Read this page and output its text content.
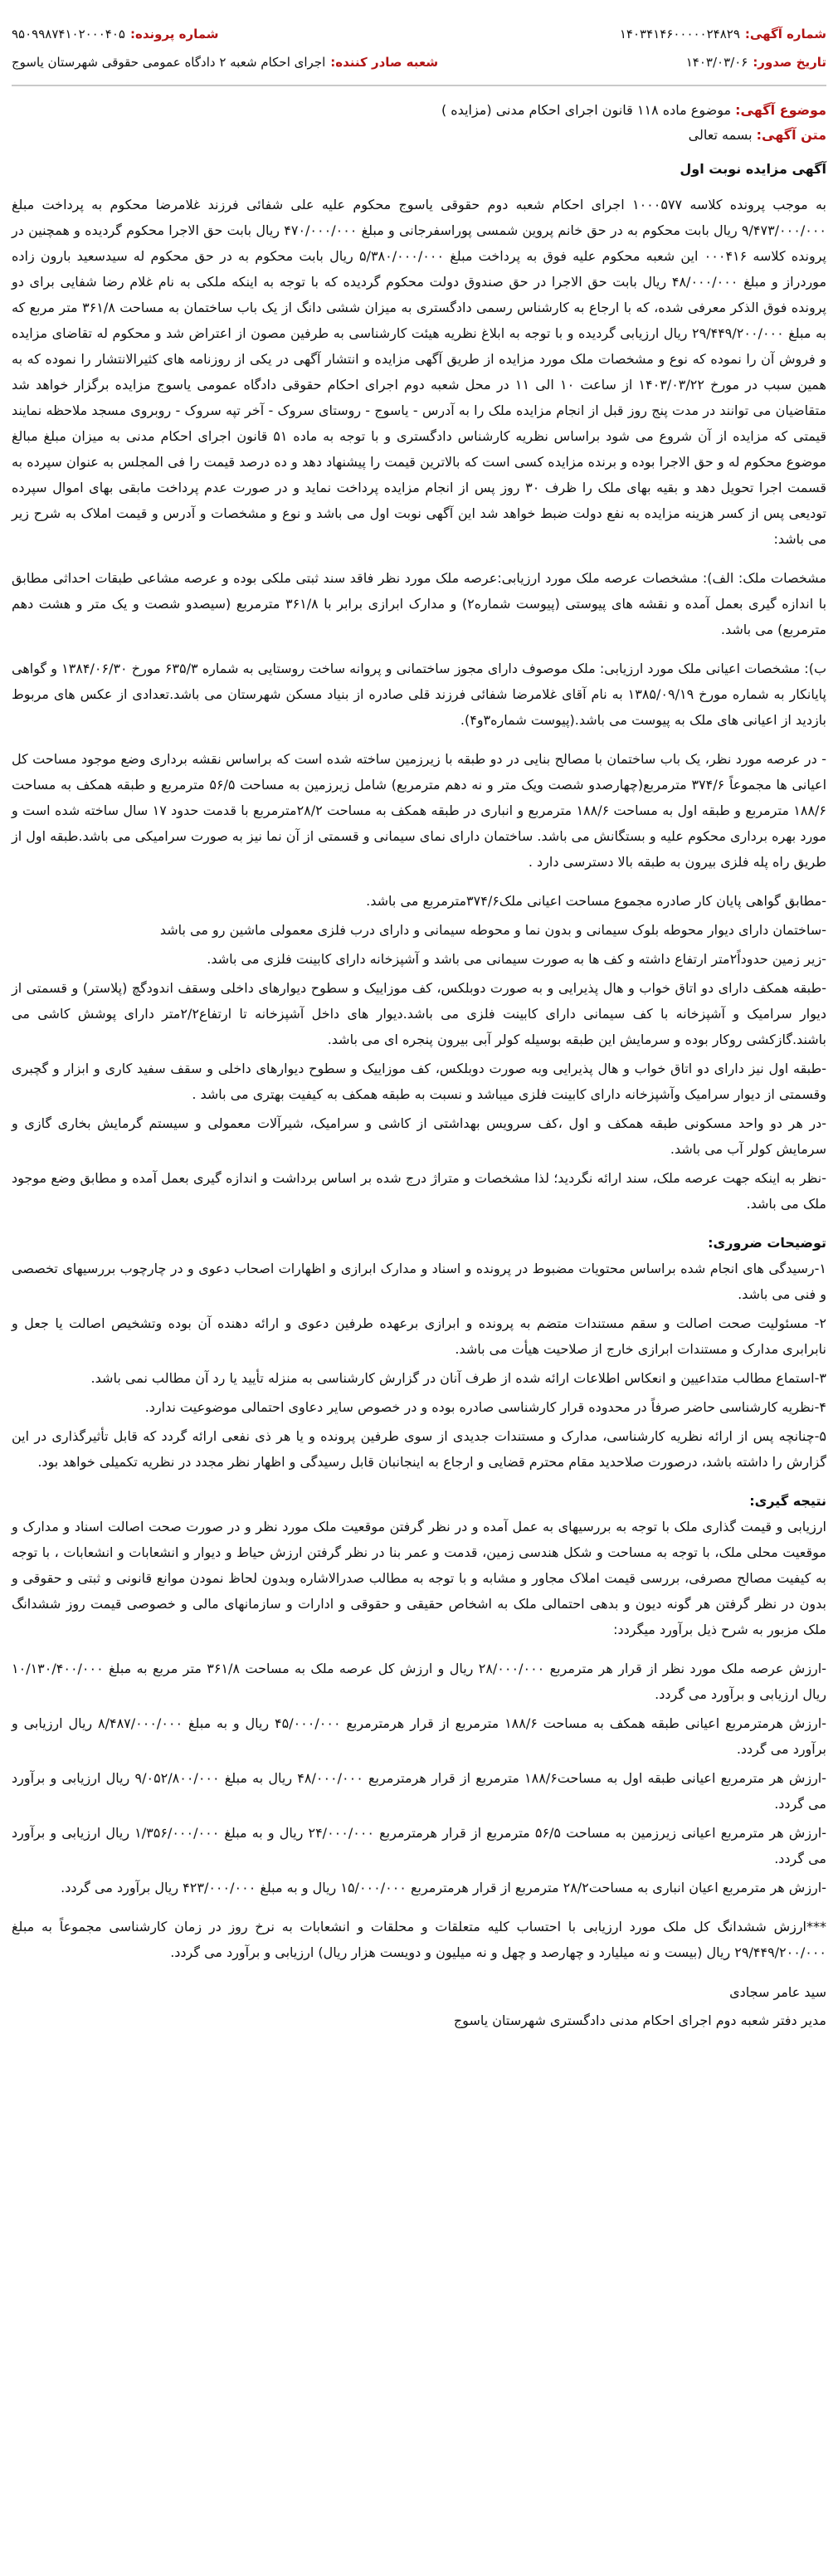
شماره آگهی:
۱۴۰۳۴۱۴۶۰۰۰۰۰۲۴۸۲۹
شماره پرونده:
۹۵۰۹۹۸۷۴۱۰۲۰۰۰۴۰۵
تاریخ صدور:
۱۴۰۳/۰۳/۰۶
شعبه صادر کننده:
اجرای احکام شعبه ۲ دادگاه عمومی حقوقی شهرستان یاسوج
موضوع آگهی: موضوع ماده ۱۱۸ قانون اجرای احکام مدنی (مزایده )
متن آگهی: بسمه تعالی
آگهی مزایده نوبت اول

به موجب پرونده کلاسه ۱۰۰۰۵۷۷ اجرای احکام شعبه دوم حقوقی یاسوج محکوم علیه علی شفائی فرزند غلامرضا محکوم به پرداخت مبلغ ۹/۴۷۳/۰۰۰/۰۰۰ ریال بابت محکوم به در حق خانم پروین شمسی پوراسفرجانی و مبلغ ۴۷۰/۰۰۰/۰۰۰ ریال بابت حق الاجرا محکوم گردیده و همچنین در پرونده کلاسه ۰۰۰۴۱۶ این شعبه محکوم علیه فوق به پرداخت مبلغ ۵/۳۸۰/۰۰۰/۰۰۰ ریال بابت محکوم به در حق محکوم له سیدسعید بارون زاده موردراز و مبلغ ۴۸/۰۰۰/۰۰۰ ریال بابت حق الاجرا در حق صندوق دولت محکوم گردیده که با توجه به اینکه ملکی به نام غلام رضا شفایی برای دو پرونده فوق الذکر معرفی شده، که با ارجاع به کارشناس رسمی دادگستری به میزان ششی دانگ از یک باب ساختمان به مساحت ۳۶۱/۸ متر مربع که به مبلغ ۲۹/۴۴۹/۲۰۰/۰۰۰ ریال ارزیابی گردیده و با توجه به ابلاغ نظریه هیئت کارشناسی به طرفین مصون از اعتراض شد و محکوم له تقاضای مزایده و فروش آن را نموده که نوع و مشخصات ملک مورد مزایده از طریق آگهی مزایده و انتشار آگهی در یکی از روزنامه های کثیرالانتشار را نموده که به همین سبب در مورخ ۱۴۰۳/۰۳/۲۲ از ساعت ۱۰ الی ۱۱ در محل شعبه دوم اجرای احکام حقوقی دادگاه عمومی یاسوج مزایده برگزار خواهد شد متقاضیان می توانند در مدت پنج روز قبل از انجام مزایده ملک را به آدرس - یاسوج - روستای سروک - آخر تپه سروک - روبروی مسجد ملاحظه نمایند قیمتی که مزایده از آن شروع می شود براساس نظریه کارشناس دادگستری و با توجه به ماده ۵۱ قانون اجرای احکام مدنی به میزان مبلغ مبالغ موضوع محکوم له و حق الاجرا بوده و برنده مزایده کسی است که بالاترین قیمت را پیشنهاد دهد و ده درصد قیمت را فی المجلس به عنوان سپرده به قسمت اجرا تحویل دهد و بقیه بهای ملک را ظرف ۳۰ روز پس از انجام مزایده پرداخت نماید و در صورت عدم پرداخت مابقی بهای اموال سپرده تودیعی پس از کسر هزینه مزایده به نفع دولت ضبط خواهد شد این آگهی نوبت اول می باشد و نوع و مشخصات و آدرس و قیمت املاک به شرح زیر می باشد:

مشخصات ملک: الف): مشخصات عرصه ملک مورد ارزیابی:عرصه ملک مورد نظر فاقد سند ثبتی ملکی بوده و عرصه مشاعی طبقات احداثی مطابق با اندازه گیری بعمل آمده و نقشه های پیوستی (پیوست شماره۲) و مدارک ابرازی برابر با ۳۶۱/۸ مترمربع (سیصدو شصت و یک متر و هشت دهم مترمربع) می باشد.

ب): مشخصات اعیانی ملک مورد ارزیابی: ملک موصوف دارای مجوز ساختمانی و پروانه ساخت روستایی به شماره ۶۳۵/۳ مورخ ۱۳۸۴/۰۶/۳۰ و گواهی پایانکار به شماره مورخ ۱۳۸۵/۰۹/۱۹ به نام آقای غلامرضا شفائی فرزند قلی صادره از بنیاد مسکن شهرستان می باشد.تعدادی از عکس های مربوط بازدید از اعیانی های ملک به پیوست می باشد.(پیوست شماره۳و۴).

- در عرصه مورد نظر، یک باب ساختمان با مصالح بنایی در دو طبقه با زیرزمین ساخته شده است که براساس نقشه برداری وضع موجود مساحت کل اعیانی ها مجموعاً ۳۷۴/۶ مترمربع(چهارصدو شصت ویک متر و نه دهم مترمربع) شامل زیرزمین به مساحت ۵۶/۵ مترمربع و طبقه همکف به مساحت ۱۸۸/۶ مترمربع و طبقه اول به مساحت ۱۸۸/۶ مترمربع و انباری در طبقه همکف به مساحت ۲۸/۲مترمربع با قدمت حدود ۱۷ سال ساخته شده است و مورد بهره برداری محکوم علیه و بستگانش می باشد. ساختمان دارای نمای سیمانی و قسمتی از آن نما نیز به صورت سرامیکی می باشد.طبقه اول از طریق راه پله فلزی بیرون به طبقه بالا دسترسی دارد .

-مطابق گواهی پایان کار صادره مجموع مساحت اعیانی ملک۳۷۴/۶مترمربع می باشد.

-ساختمان دارای دیوار محوطه بلوک سیمانی و بدون نما و محوطه سیمانی و دارای درب فلزی معمولی ماشین رو می باشد

-زیر زمین حدوداً۲متر ارتفاع داشته و کف ها به صورت سیمانی می باشد و آشپزخانه دارای کابینت فلزی می باشد.

-طبقه همکف دارای دو اتاق خواب و هال پذیرایی و به صورت دوبلکس، کف موزاییک و سطوح دیوارهای داخلی وسقف اندودگچ (پلاستر) و قسمتی از دیوار سرامیک و آشپزخانه با کف سیمانی دارای کابینت فلزی می باشد.دیوار های داخل آشپزخانه تا ارتفاع۲/۲متر دارای پوشش کاشی می باشند.گازکشی روکار بوده و سرمایش این طبقه بوسیله کولر آبی بیرون پنجره ای می باشد.

-طبقه اول نیز دارای دو اتاق خواب و هال پذیرایی وبه صورت دوبلکس، کف موزاییک و سطوح دیوارهای داخلی و سقف سفید کاری و ابزار و گچبری وقسمتی از دیوار سرامیک وآشپزخانه دارای کابینت فلزی میباشد و نسبت به طبقه همکف به کیفیت بهتری می باشد .

-در هر دو واحد مسکونی طبقه همکف و اول ،کف سرویس بهداشتی از کاشی و سرامیک، شیرآلات معمولی و سیستم گرمایش بخاری گازی و سرمایش کولر آب می باشد.

-نظر به اینکه جهت عرصه ملک، سند ارائه نگردید؛ لذا مشخصات و متراژ درج شده بر اساس برداشت و اندازه گیری بعمل آمده و مطابق وضع موجود ملک می باشد.

توضیحات ضروری:

۱-رسیدگی های انجام شده براساس محتویات مضبوط در پرونده و اسناد و مدارک ابرازی و اظهارات اصحاب دعوی و در چارچوب بررسیهای تخصصی و فنی می باشد.

۲- مسئولیت صحت اصالت و سقم مستندات متضم به پرونده و ابرازی برعهده طرفین دعوی و ارائه دهنده آن بوده وتشخیص اصالت یا جعل و نابرابری مدارک و مستندات ابرازی خارج از صلاحیت هیأت می باشد.

۳-استماع مطالب متداعیین و انعکاس اطلاعات ارائه شده از طرف آنان در گزارش کارشناسی به منزله تأیید یا رد آن مطالب نمی باشد.

۴-نظریه کارشناسی حاضر صرفاً در محدوده قرار کارشناسی صادره بوده و در خصوص سایر دعاوی احتمالی موضوعیت ندارد.

۵-چنانچه پس از ارائه نظریه کارشناسی، مدارک و مستندات جدیدی از سوی طرفین پرونده و یا هر ذی نفعی ارائه گردد که قابل تأثیرگذاری در این گزارش را داشته باشد، درصورت صلاحدید مقام محترم قضایی و ارجاع به اینجانبان قابل رسیدگی و اظهار نظر مجدد در نظریه تکمیلی خواهد بود.

نتیجه گیری:

ارزیابی و قیمت گذاری ملک با توجه به بررسیهای به عمل آمده و در نظر گرفتن موقعیت ملک مورد نظر و در صورت صحت اصالت اسناد و مدارک و موقعیت محلی ملک، با توجه به مساحت و شکل هندسی زمین، قدمت و عمر بنا در نظر گرفتن ارزش حیاط و دیوار و انشعابات و انشعابات ، با توجه به کیفیت مصالح مصرفی، بررسی قیمت املاک مجاور و مشابه و با توجه به مطالب صدرالاشاره وبدون لحاظ نمودن موانع قانونی و ثبتی و حقوقی و بدون در نظر گرفتن هر گونه دیون و بدهی احتمالی ملک به اشخاص حقیقی و حقوقی و ادارات و سازمانهای مالی و خصوصی قیمت روز ششدانگ ملک مزبور به شرح ذیل برآورد میگردد:

-ارزش عرصه ملک مورد نظر از قرار هر مترمربع ۲۸/۰۰۰/۰۰۰ ریال و ارزش کل عرصه ملک به مساحت ۳۶۱/۸ متر مربع به مبلغ ۱۰/۱۳۰/۴۰۰/۰۰۰ ریال ارزیابی و برآورد می گردد.

-ارزش هرمترمربع اعیانی طبقه همکف به مساحت ۱۸۸/۶ مترمربع از قرار هرمترمربع ۴۵/۰۰۰/۰۰۰ ریال و به مبلغ ۸/۴۸۷/۰۰۰/۰۰۰ ریال ارزیابی و برآورد می گردد.

-ارزش هر مترمربع اعیانی طبقه اول به مساحت۱۸۸/۶ مترمربع از قرار هرمترمربع ۴۸/۰۰۰/۰۰۰ ریال به مبلغ ۹/۰۵۲/۸۰۰/۰۰۰ ریال ارزیابی و برآورد می گردد.

-ارزش هر مترمربع اعیانی زیرزمین به مساحت ۵۶/۵ مترمربع از قرار هرمترمربع ۲۴/۰۰۰/۰۰۰ ریال و به مبلغ ۱/۳۵۶/۰۰۰/۰۰۰ ریال ارزیابی و برآورد می گردد.

-ارزش هر مترمربع اعیان انباری به مساحت۲۸/۲ مترمربع از قرار هرمترمربع ۱۵/۰۰۰/۰۰۰ ریال و به مبلغ ۴۲۳/۰۰۰/۰۰۰ ریال برآورد می گردد.

***ارزش ششدانگ کل ملک مورد ارزیابی با احتساب کلیه متعلقات و محلقات و انشعابات به نرخ روز در زمان کارشناسی مجموعاً به مبلغ ۲۹/۴۴۹/۲۰۰/۰۰۰ ریال (بیست و نه میلیارد و چهارصد و چهل و نه میلیون و دویست هزار ریال) ارزیابی و برآورد می گردد.

سید عامر سجادی
مدیر دفتر شعبه دوم اجرای احکام مدنی دادگستری شهرستان یاسوج
